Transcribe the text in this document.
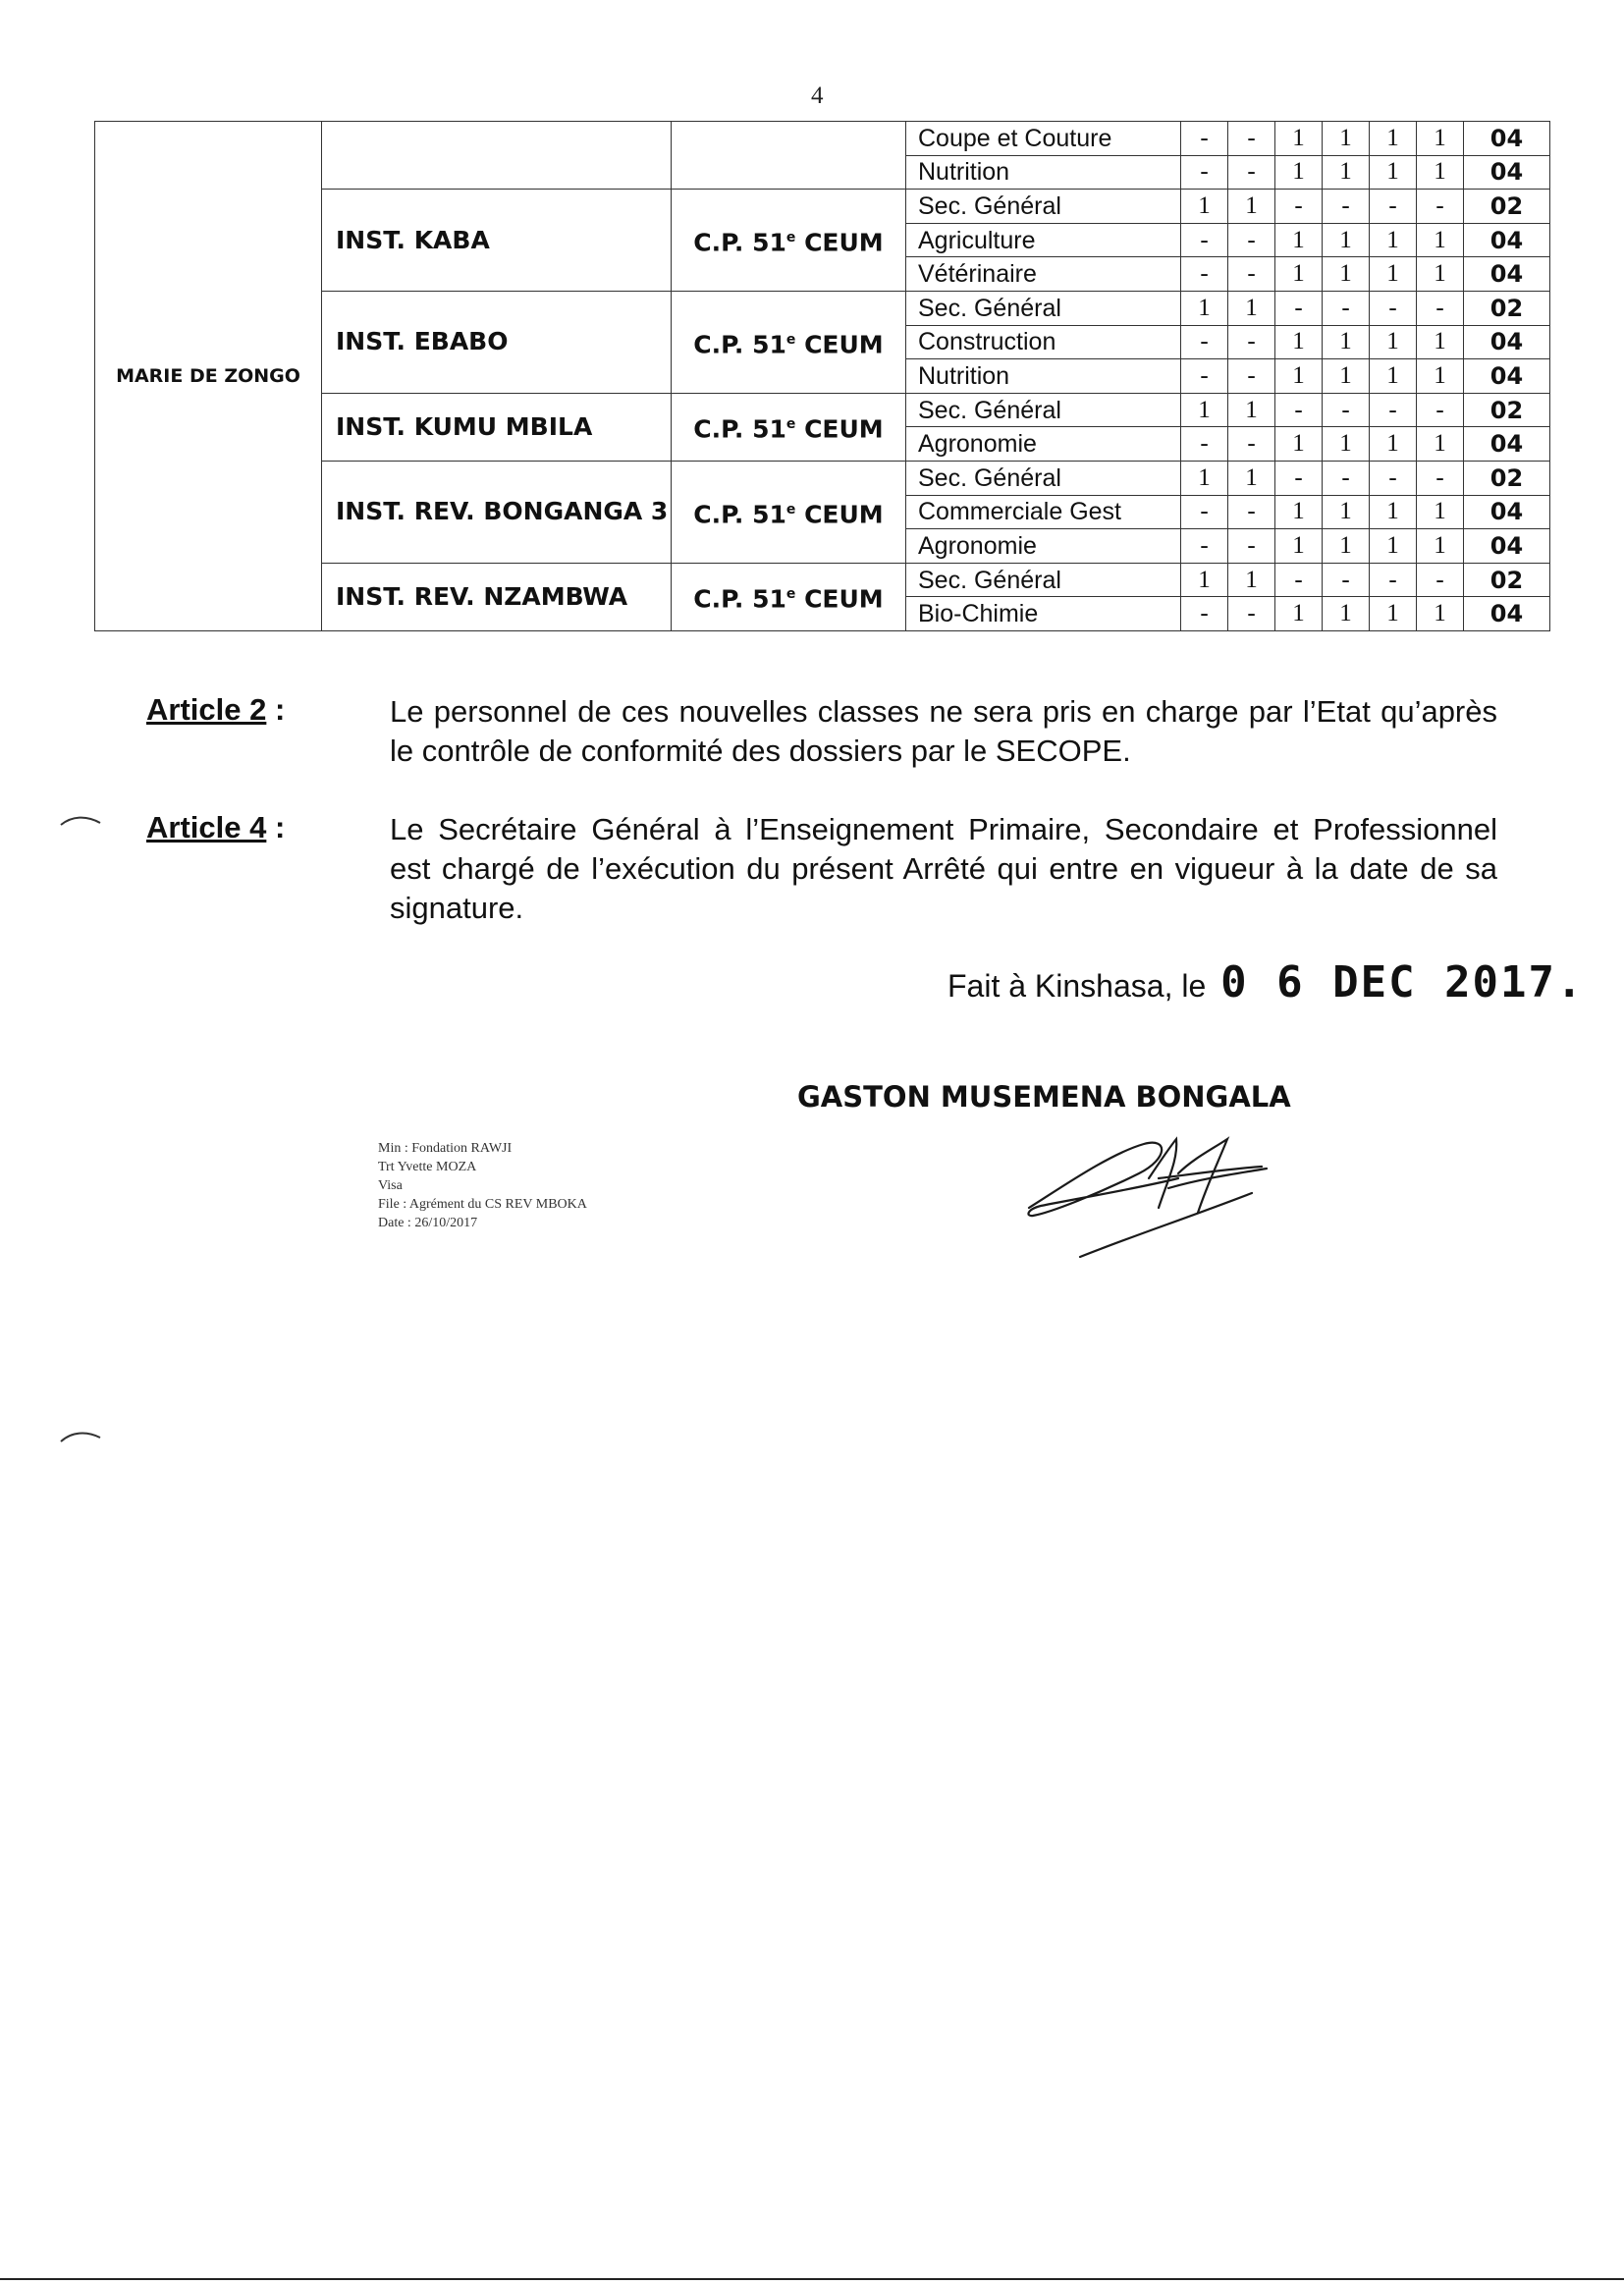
4
MARIE DE ZONGO			Coupe et Couture	-	-	1	1	1	1	04
			Nutrition	-	-	1	1	1	1	04
	INST. KABA	C.P. 51e CEUM	Sec. Général	1	1	-	-	-	-	02
			Agriculture	-	-	1	1	1	1	04
			Vétérinaire	-	-	1	1	1	1	04
	INST. EBABO	C.P. 51e CEUM	Sec. Général	1	1	-	-	-	-	02
			Construction	-	-	1	1	1	1	04
			Nutrition	-	-	1	1	1	1	04
	INST. KUMU MBILA	C.P. 51e CEUM	Sec. Général	1	1	-	-	-	-	02
			Agronomie	-	-	1	1	1	1	04
	INST. REV. BONGANGA 3	C.P. 51e CEUM	Sec. Général	1	1	-	-	-	-	02
			Commerciale Gest	-	-	1	1	1	1	04
			Agronomie	-	-	1	1	1	1	04
	INST. REV. NZAMBWA	C.P. 51e CEUM	Sec. Général	1	1	-	-	-	-	02
			Bio-Chimie	-	-	1	1	1	1	04
Article 2 :	Le personnel de ces nouvelles classes ne sera pris en charge par l’Etat qu’après le contrôle de conformité des dossiers par le SECOPE.
Article 4 :	Le Secrétaire Général à l’Enseignement Primaire, Secondaire et Professionnel est chargé de l’exécution du présent Arrêté qui entre en vigueur à la date de sa signature.
Fait à Kinshasa, le 0 6 DEC 2017.
GASTON MUSEMENA BONGALA
Min : Fondation RAWJI
Trt Yvette MOZA
Visa
File : Agrément du CS REV MBOKA
Date : 26/10/2017
